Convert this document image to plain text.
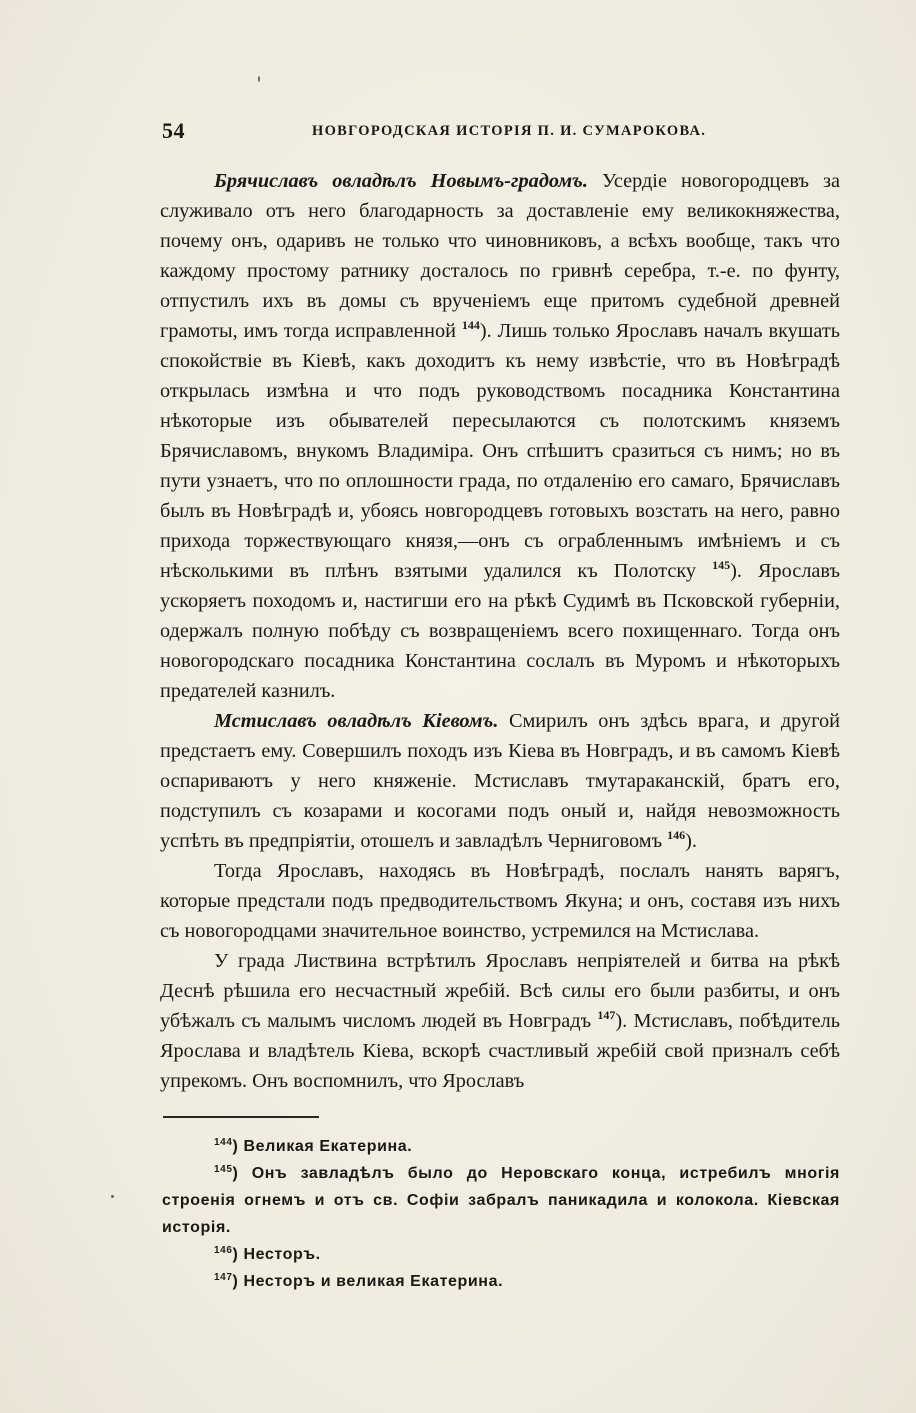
54	НОВГОРОДСКАЯ ИСТОРІЯ П. И. СУМАРОКОВА.

Брячиславъ овладѣлъ Новымъ-градомъ. Усердіе новогородцевъ за служивало отъ него благодарность за доставленіе ему великокняжества, почему онъ, одаривъ не только что чиновниковъ, а всѣхъ вообще, такъ что каждому простому ратнику досталось по гривнѣ серебра, т.-е. по фунту, отпустилъ ихъ въ домы съ врученіемъ еще притомъ судебной древней грамоты, имъ тогда исправленной $^{144}$). Лишь только Ярославъ началъ вкушать спокойствіе въ Кіевѣ, какъ доходитъ къ нему извѣстіе, что въ Новѣградѣ открылась измѣна и что подъ руководствомъ посадника Константина нѣкоторые изъ обывателей пересылаются съ полотскимъ княземъ Брячиславомъ, внукомъ Владиміра. Онъ спѣшитъ сразиться съ нимъ; но въ пути узнаетъ, что по оплошности града, по отдаленію его самаго, Брячиславъ былъ въ Новѣградѣ и, убоясь новгородцевъ готовыхъ возстать на него, равно прихода торжествующаго князя,—онъ съ ограбленнымъ имѣніемъ и съ нѣсколькими въ плѣнъ взятыми удалился къ Полотску $^{145}$). Ярославъ ускоряетъ походомъ и, настигши его на рѣкѣ Судимѣ въ Псковской губерніи, одержалъ полную побѣду съ возвращеніемъ всего похищеннаго. Тогда онъ новогородскаго посадника Константина сослалъ въ Муромъ и нѣкоторыхъ предателей казнилъ.

Мстиславъ овладѣлъ Кіевомъ. Смирилъ онъ здѣсь врага, и другой предстаетъ ему. Совершилъ походъ изъ Кіева въ Новградъ, и въ самомъ Кіевѣ оспариваютъ у него княженіе. Мстиславъ тмутараканскій, братъ его, подступилъ съ козарами и косогами подъ оный и, найдя невозможность успѣть въ предпріятіи, отошелъ и завладѣлъ Черниговомъ $^{146}$).

Тогда Ярославъ, находясь въ Новѣградѣ, послалъ нанять варягъ, которые предстали подъ предводительствомъ Якуна; и онъ, составя изъ нихъ съ новогородцами значительное воинство, устремился на Мстислава.

У града Листвина встрѣтилъ Ярославъ непріятелей и битва на рѣкѣ Деснѣ рѣшила его несчастный жребій. Всѣ силы его были разбиты, и онъ убѣжалъ съ малымъ числомъ людей въ Новградъ $^{147}$). Мстиславъ, побѣдитель Ярослава и владѣтель Кіева, вскорѣ счастливый жребій свой призналъ себѣ упрекомъ. Онъ воспомнилъ, что Ярославъ

$^{144}$) Великая Екатерина.

$^{145}$) Онъ завладѣлъ было до Неровскаго конца, истребилъ многія строенія огнемъ и отъ св. Софіи забралъ паникадила и колокола. Кіевская исторія.

$^{146}$) Несторъ.

$^{147}$) Несторъ и великая Екатерина.
